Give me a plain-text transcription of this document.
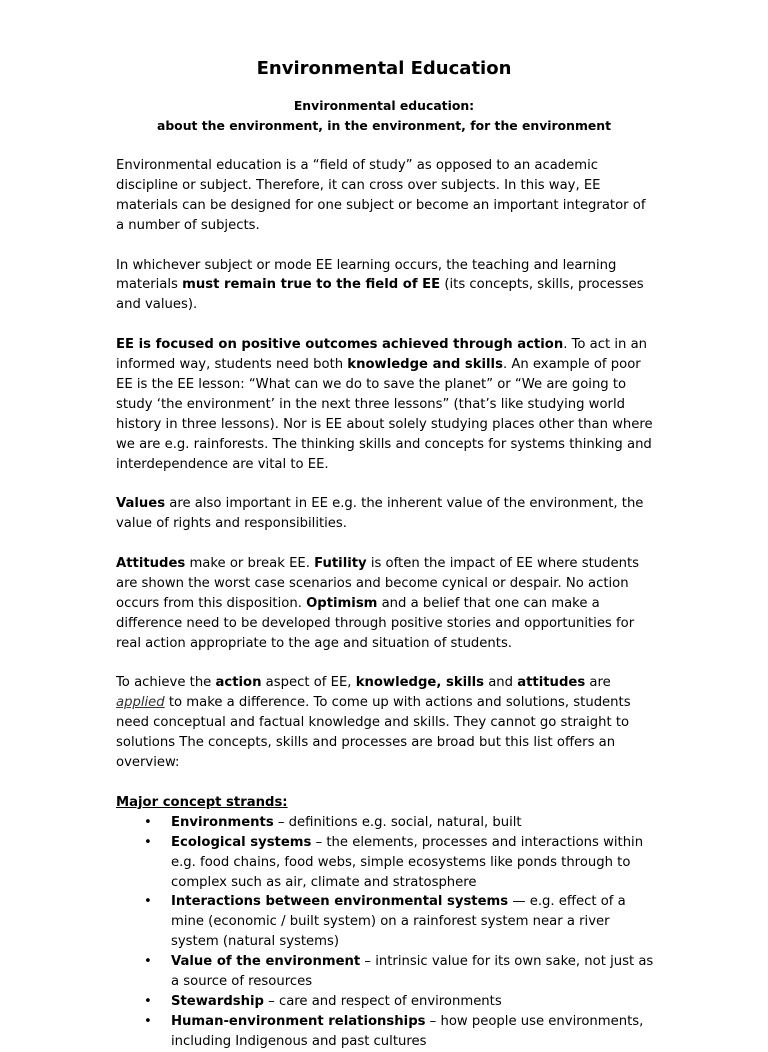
Environmental Education
Environmental education:
about the environment, in the environment, for the environment

Environmental education is a “field of study” as opposed to an academic discipline or subject. Therefore, it can cross over subjects. In this way, EE materials can be designed for one subject or become an important integrator of a number of subjects.

In whichever subject or mode EE learning occurs, the teaching and learning materials must remain true to the field of EE (its concepts, skills, processes and values).

EE is focused on positive outcomes achieved through action. To act in an informed way, students need both knowledge and skills. An example of poor EE is the EE lesson: “What can we do to save the planet” or “We are going to study ‘the environment’ in the next three lessons” (that’s like studying world history in three lessons). Nor is EE about solely studying places other than where we are e.g. rainforests. The thinking skills and concepts for systems thinking and interdependence are vital to EE.

Values are also important in EE e.g. the inherent value of the environment, the value of rights and responsibilities.

Attitudes make or break EE. Futility is often the impact of EE where students are shown the worst case scenarios and become cynical or despair. No action occurs from this disposition. Optimism and a belief that one can make a difference need to be developed through positive stories and opportunities for real action appropriate to the age and situation of students.

To achieve the action aspect of EE, knowledge, skills and attitudes are applied to make a difference. To come up with actions and solutions, students need conceptual and factual knowledge and skills. They cannot go straight to solutions The concepts, skills and processes are broad but this list offers an overview:

Major concept strands:

• Environments – definitions e.g. social, natural, built
• Ecological systems – the elements, processes and interactions within e.g. food chains, food webs, simple ecosystems like ponds through to complex such as air, climate and stratosphere
• Interactions between environmental systems — e.g. effect of a mine (economic / built system) on a rainforest system near a river system (natural systems)
• Value of the environment – intrinsic value for its own sake, not just as a source of resources
• Stewardship – care and respect of environments
• Human-environment relationships – how people use environments, including Indigenous and past cultures
